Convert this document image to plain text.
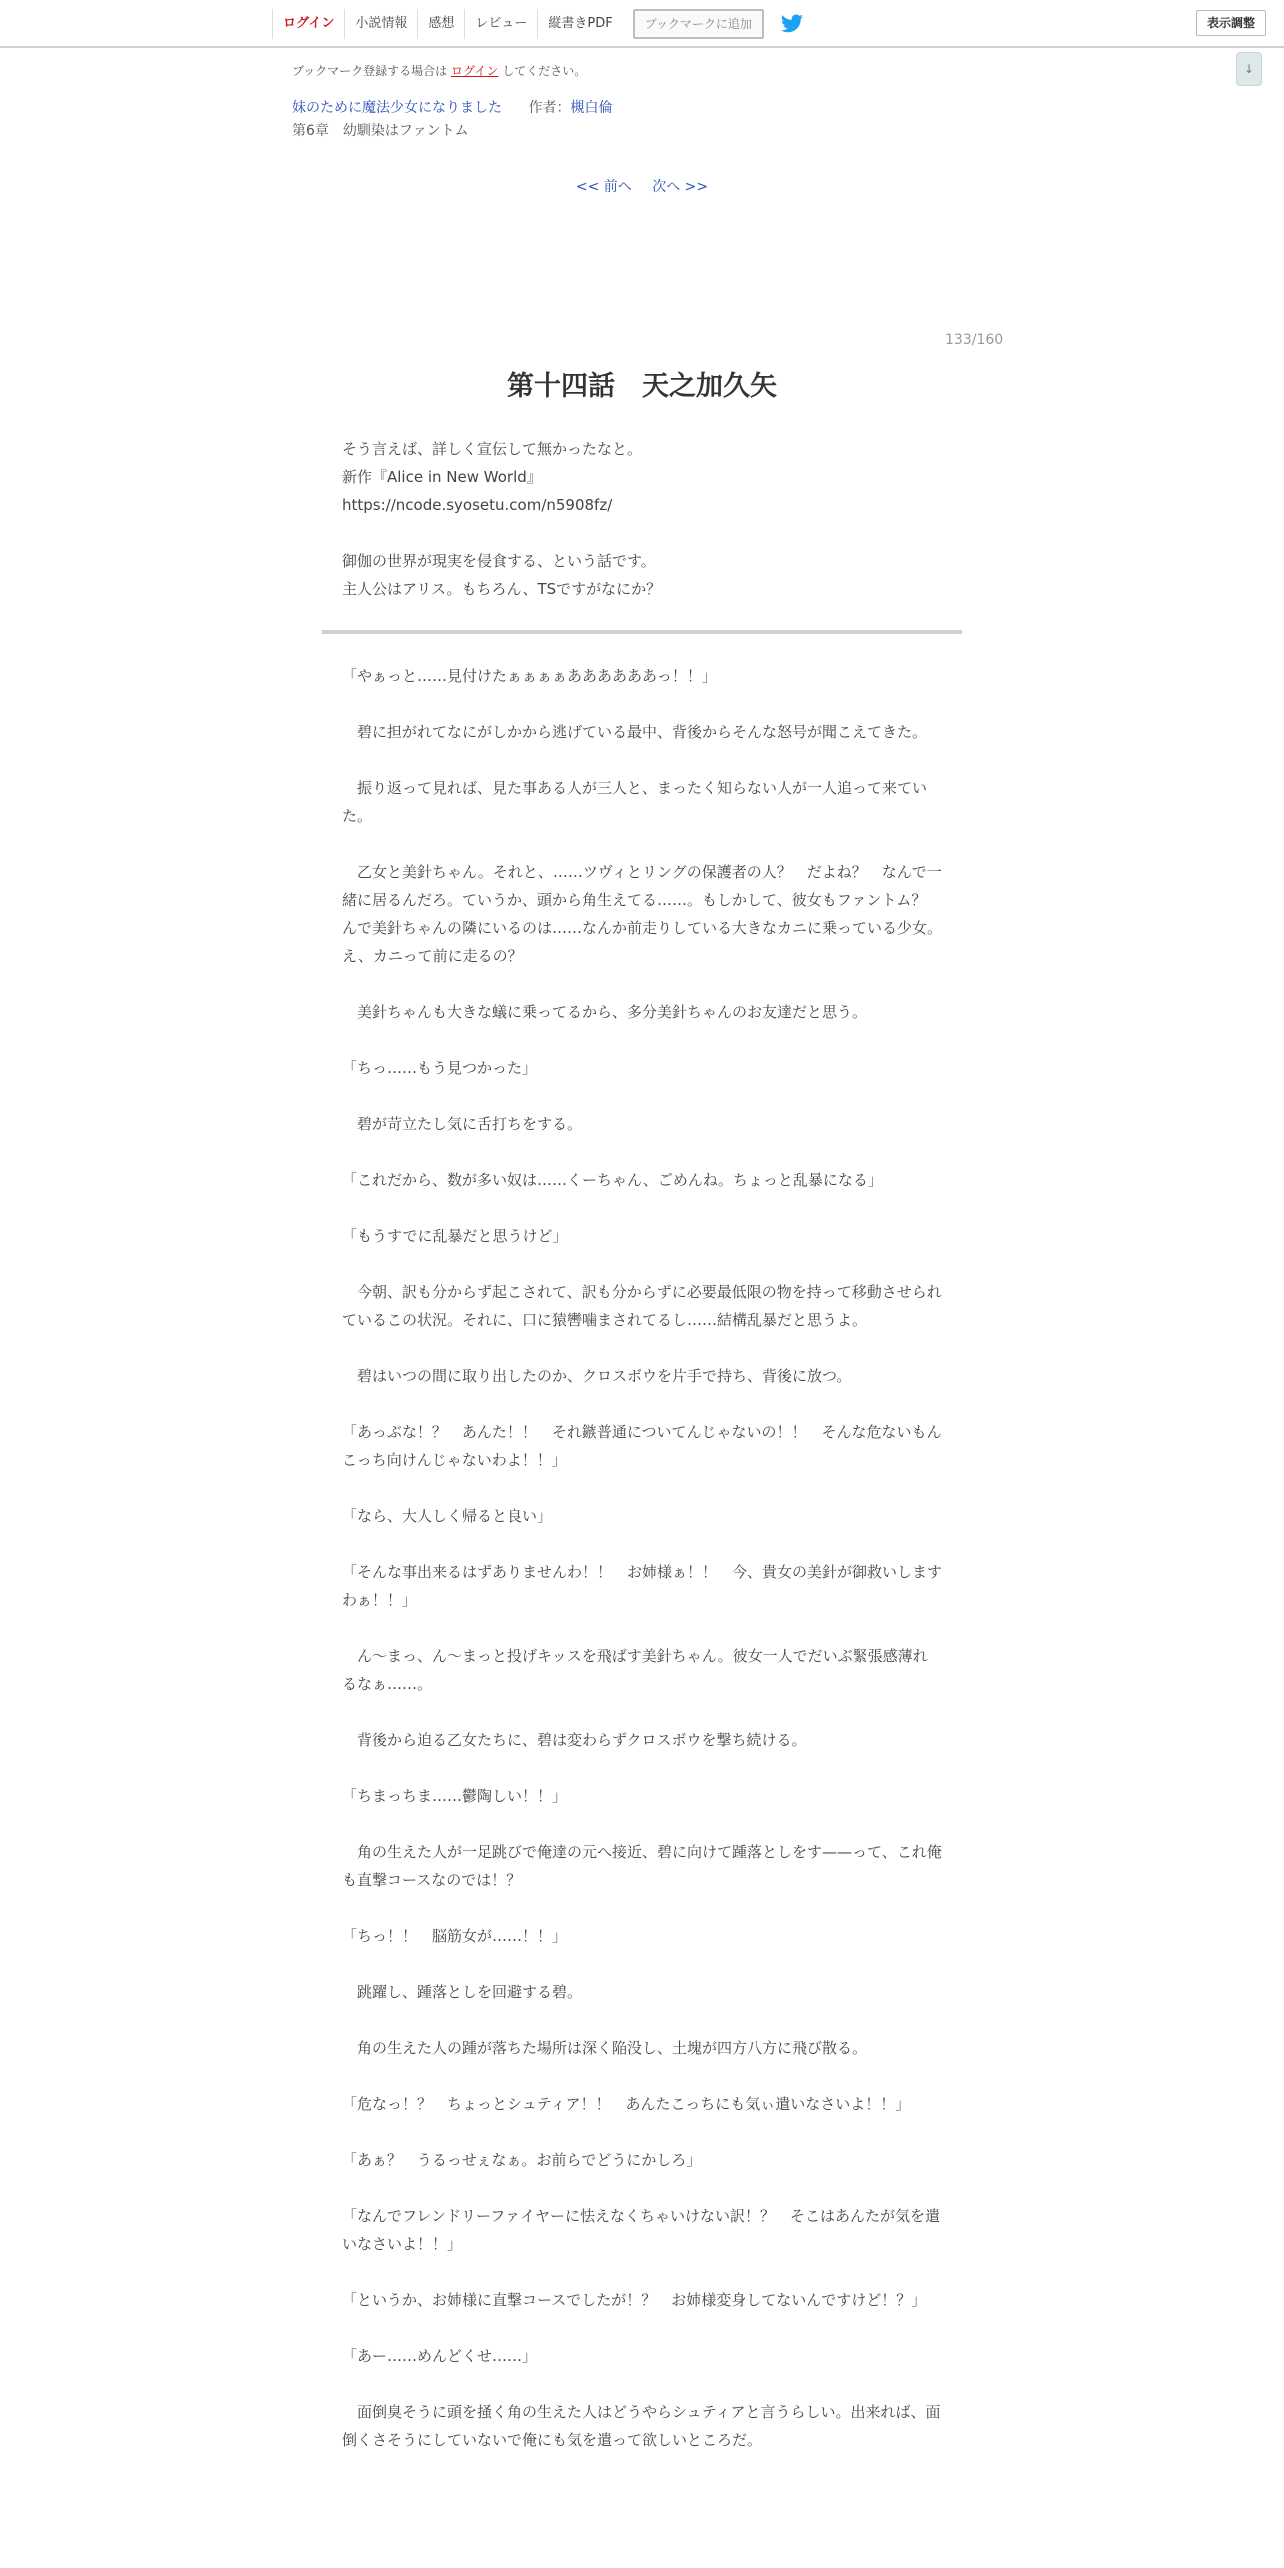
ログイン	小説情報	感想	レビュー	縦書きPDF	ブックマークに追加	表示調整
↓
ブックマーク登録する場合は ログイン してください。
妹のために魔法少女になりました 作者：槻白倫
第6章　幼馴染はファントム
<< 前へ 次へ >>
133/160
第十四話　天之加久矢

そう言えば、詳しく宣伝して無かったなと。

新作『Alice in New World』

https://ncode.syosetu.com/n5908fz/

御伽の世界が現実を侵食する、という話です。

主人公はアリス。もちろん、TSですがなにか？

「やぁっと……見付けたぁぁぁぁああああああっ！！」

　碧に担がれてなにがしかから逃げている最中、背後からそんな怒号が聞こえてきた。

　振り返って見れば、見た事ある人が三人と、まったく知らない人が一人追って来ていた。

　乙女と美針ちゃん。それと、……ツヴィとリングの保護者の人？　だよね？　なんで一緒に居るんだろ。ていうか、頭から角生えてる……。もしかして、彼女もファントム？　んで美針ちゃんの隣にいるのは……なんか前走りしている大きなカニに乗っている少女。え、カニって前に走るの？

　美針ちゃんも大きな蟻に乗ってるから、多分美針ちゃんのお友達だと思う。

「ちっ……もう見つかった」

　碧が苛立たし気に舌打ちをする。

「これだから、数が多い奴は……くーちゃん、ごめんね。ちょっと乱暴になる」

「もうすでに乱暴だと思うけど」

　今朝、訳も分からず起こされて、訳も分からずに必要最低限の物を持って移動させられているこの状況。それに、口に猿轡噛まされてるし……結構乱暴だと思うよ。

　碧はいつの間に取り出したのか、クロスボウを片手で持ち、背後に放つ。

「あっぶな！？　あんた！！　それ鏃普通についてんじゃないの！！　そんな危ないもんこっち向けんじゃないわよ！！」

「なら、大人しく帰ると良い」

「そんな事出来るはずありませんわ！！　お姉様ぁ！！　今、貴女の美針が御救いしますわぁ！！」

　ん～まっ、ん～まっと投げキッスを飛ばす美針ちゃん。彼女一人でだいぶ緊張感薄れるなぁ……。

　背後から迫る乙女たちに、碧は変わらずクロスボウを撃ち続ける。

「ちまっちま……鬱陶しい！！」

　角の生えた人が一足跳びで俺達の元へ接近、碧に向けて踵落としをす——って、これ俺も直撃コースなのでは！？

「ちっ！！　脳筋女が……！！」

　跳躍し、踵落としを回避する碧。

　角の生えた人の踵が落ちた場所は深く陥没し、土塊が四方八方に飛び散る。

「危なっ！？　ちょっとシュティア！！　あんたこっちにも気ぃ遣いなさいよ！！」

「あぁ？　うるっせぇなぁ。お前らでどうにかしろ」

「なんでフレンドリーファイヤーに怯えなくちゃいけない訳！？　そこはあんたが気を遣いなさいよ！！」

「というか、お姉様に直撃コースでしたが！？　お姉様変身してないんですけど！？」

「あー……めんどくせ……」

　面倒臭そうに頭を掻く角の生えた人はどうやらシュティアと言うらしい。出来れば、面倒くさそうにしていないで俺にも気を遣って欲しいところだ。
